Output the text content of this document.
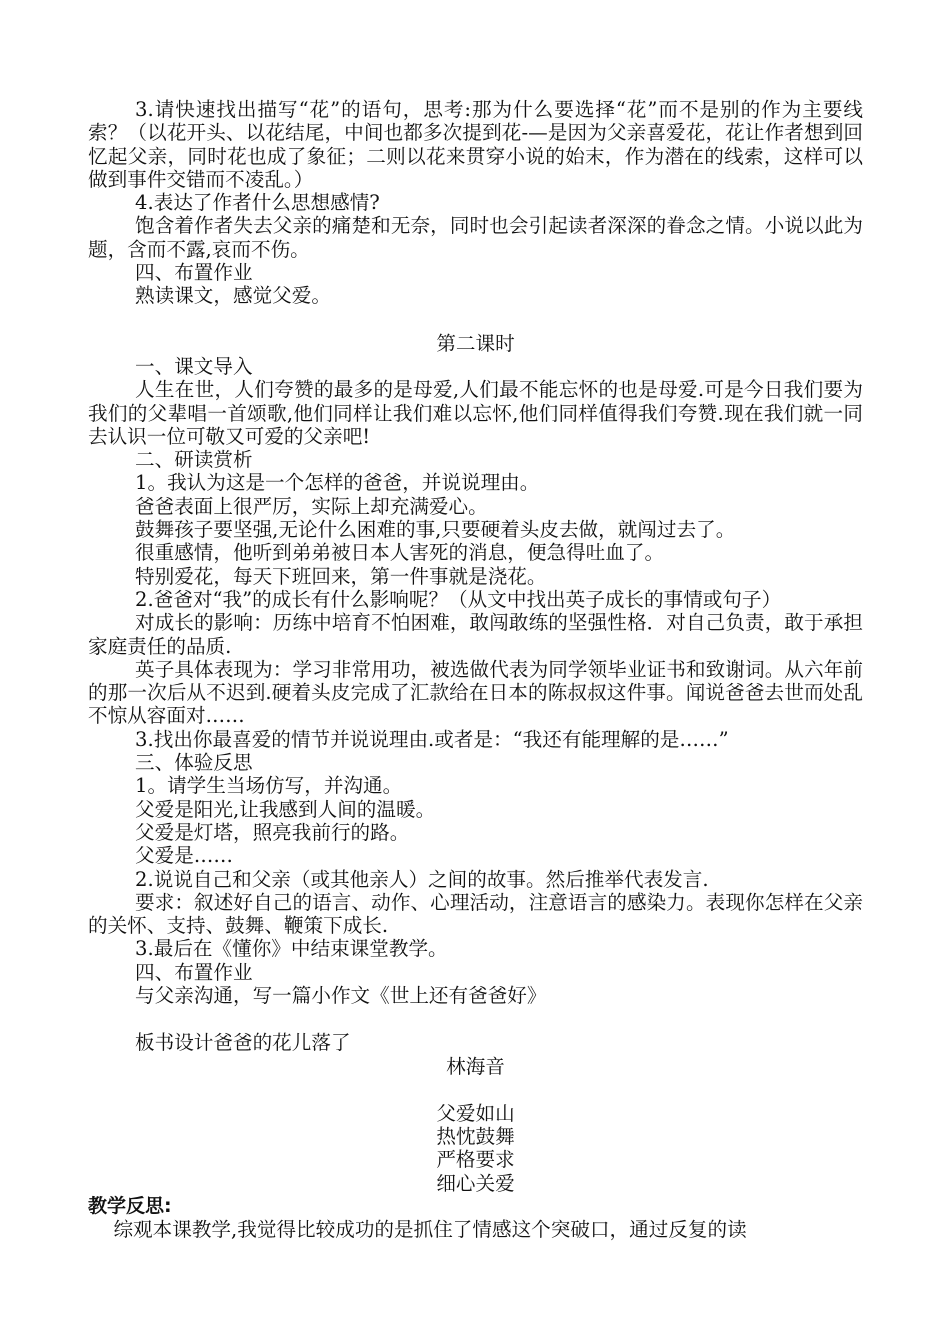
3.请快速找出描写“花”的语句，思考:那为什么要选择“花”而不是别的作为主要线索？（以花开头、以花结尾，中间也都多次提到花-—是因为父亲喜爱花，花让作者想到回忆起父亲，同时花也成了象征；二则以花来贯穿小说的始末，作为潜在的线索，这样可以做到事件交错而不凌乱。）

4.表达了作者什么思想感情?

饱含着作者失去父亲的痛楚和无奈，同时也会引起读者深深的眷念之情。小说以此为题，含而不露,哀而不伤。

四、布置作业

熟读课文，感觉父爱。

第二课时

一、课文导入

人生在世，人们夸赞的最多的是母爱,人们最不能忘怀的也是母爱.可是今日我们要为我们的父辈唱一首颂歌,他们同样让我们难以忘怀,他们同样值得我们夸赞.现在我们就一同去认识一位可敬又可爱的父亲吧!

二、研读赏析

1。我认为这是一个怎样的爸爸，并说说理由。

爸爸表面上很严厉，实际上却充满爱心。

鼓舞孩子要坚强,无论什么困难的事,只要硬着头皮去做，就闯过去了。

很重感情，他听到弟弟被日本人害死的消息，便急得吐血了。

特别爱花，每天下班回来，第一件事就是浇花。

2.爸爸对“我”的成长有什么影响呢？（从文中找出英子成长的事情或句子）

对成长的影响：历练中培育不怕困难，敢闯敢练的坚强性格．对自己负责，敢于承担家庭责任的品质.

英子具体表现为：学习非常用功，被选做代表为同学领毕业证书和致谢词。从六年前的那一次后从不迟到.硬着头皮完成了汇款给在日本的陈叔叔这件事。闻说爸爸去世而处乱不惊从容面对……

3.找出你最喜爱的情节并说说理由.或者是：“我还有能理解的是……”

三、体验反思

1。请学生当场仿写，并沟通。

父爱是阳光,让我感到人间的温暖。

父爱是灯塔，照亮我前行的路。

父爱是……

2.说说自己和父亲（或其他亲人）之间的故事。然后推举代表发言.

要求：叙述好自己的语言、动作、心理活动，注意语言的感染力。表现你怎样在父亲的关怀、支持、鼓舞、鞭策下成长.

3.最后在《懂你》中结束课堂教学。

四、布置作业

与父亲沟通，写一篇小作文《世上还有爸爸好》

板书设计爸爸的花儿落了

林海音

父爱如山

热忱鼓舞

严格要求

细心关爱

教学反思:

综观本课教学,我觉得比较成功的是抓住了情感这个突破口，通过反复的读
